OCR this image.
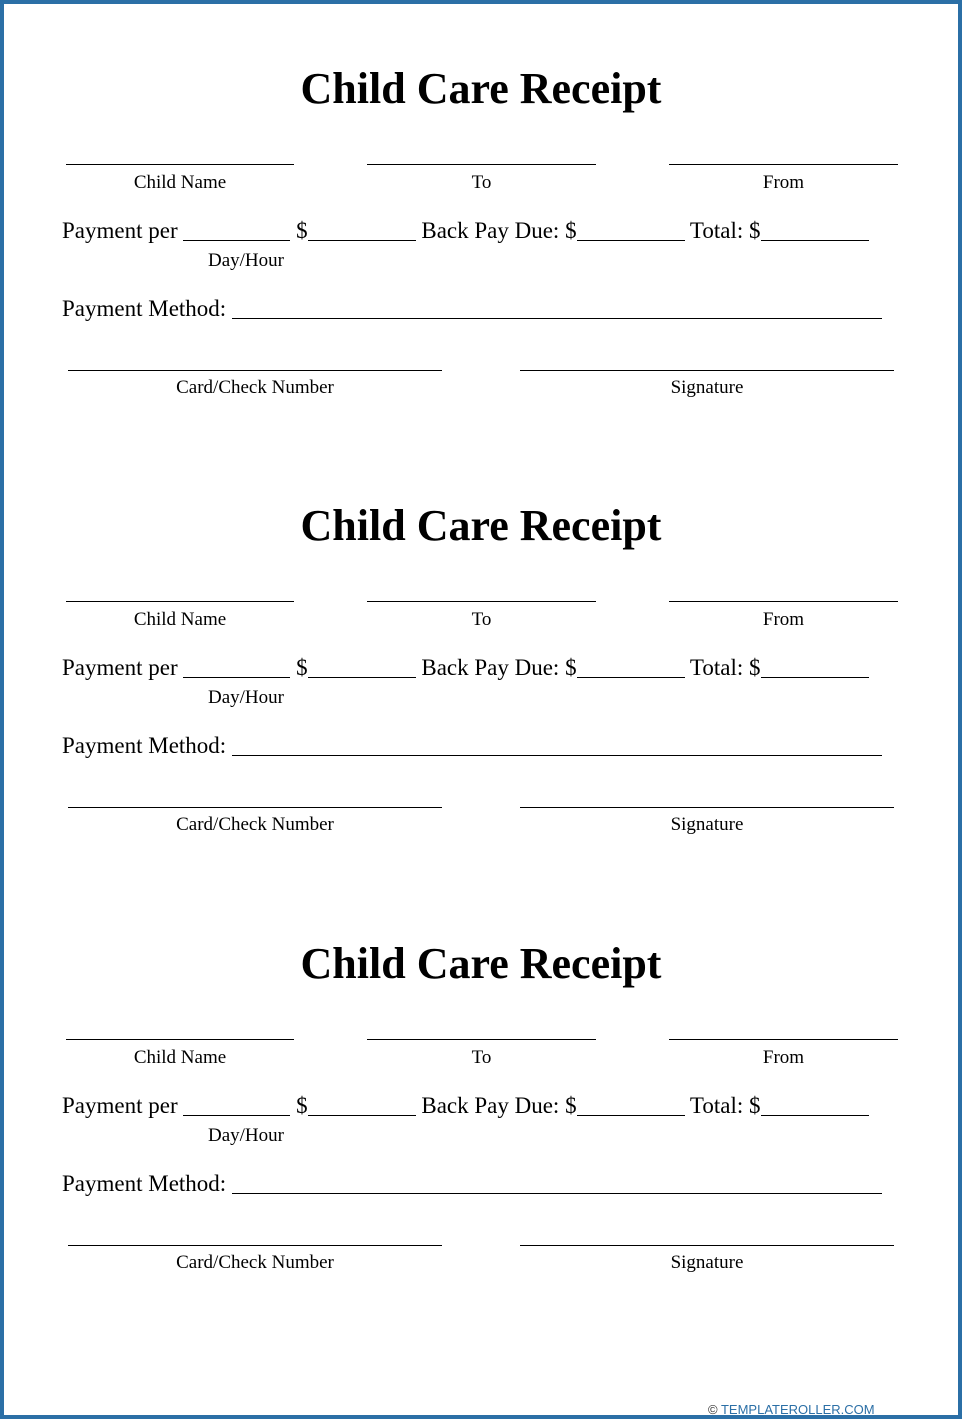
Child Care Receipt
Child Name	To	From
Payment per	$	Back Pay Due: $	Total: $
Day/Hour
Payment Method:
Card/Check Number	Signature
Child Care Receipt
Child Name	To	From
Payment per	$	Back Pay Due: $	Total: $
Day/Hour
Payment Method:
Card/Check Number	Signature
Child Care Receipt
Child Name	To	From
Payment per	$	Back Pay Due: $	Total: $
Day/Hour
Payment Method:
Card/Check Number	Signature
© TEMPLATEROLLER.COM
